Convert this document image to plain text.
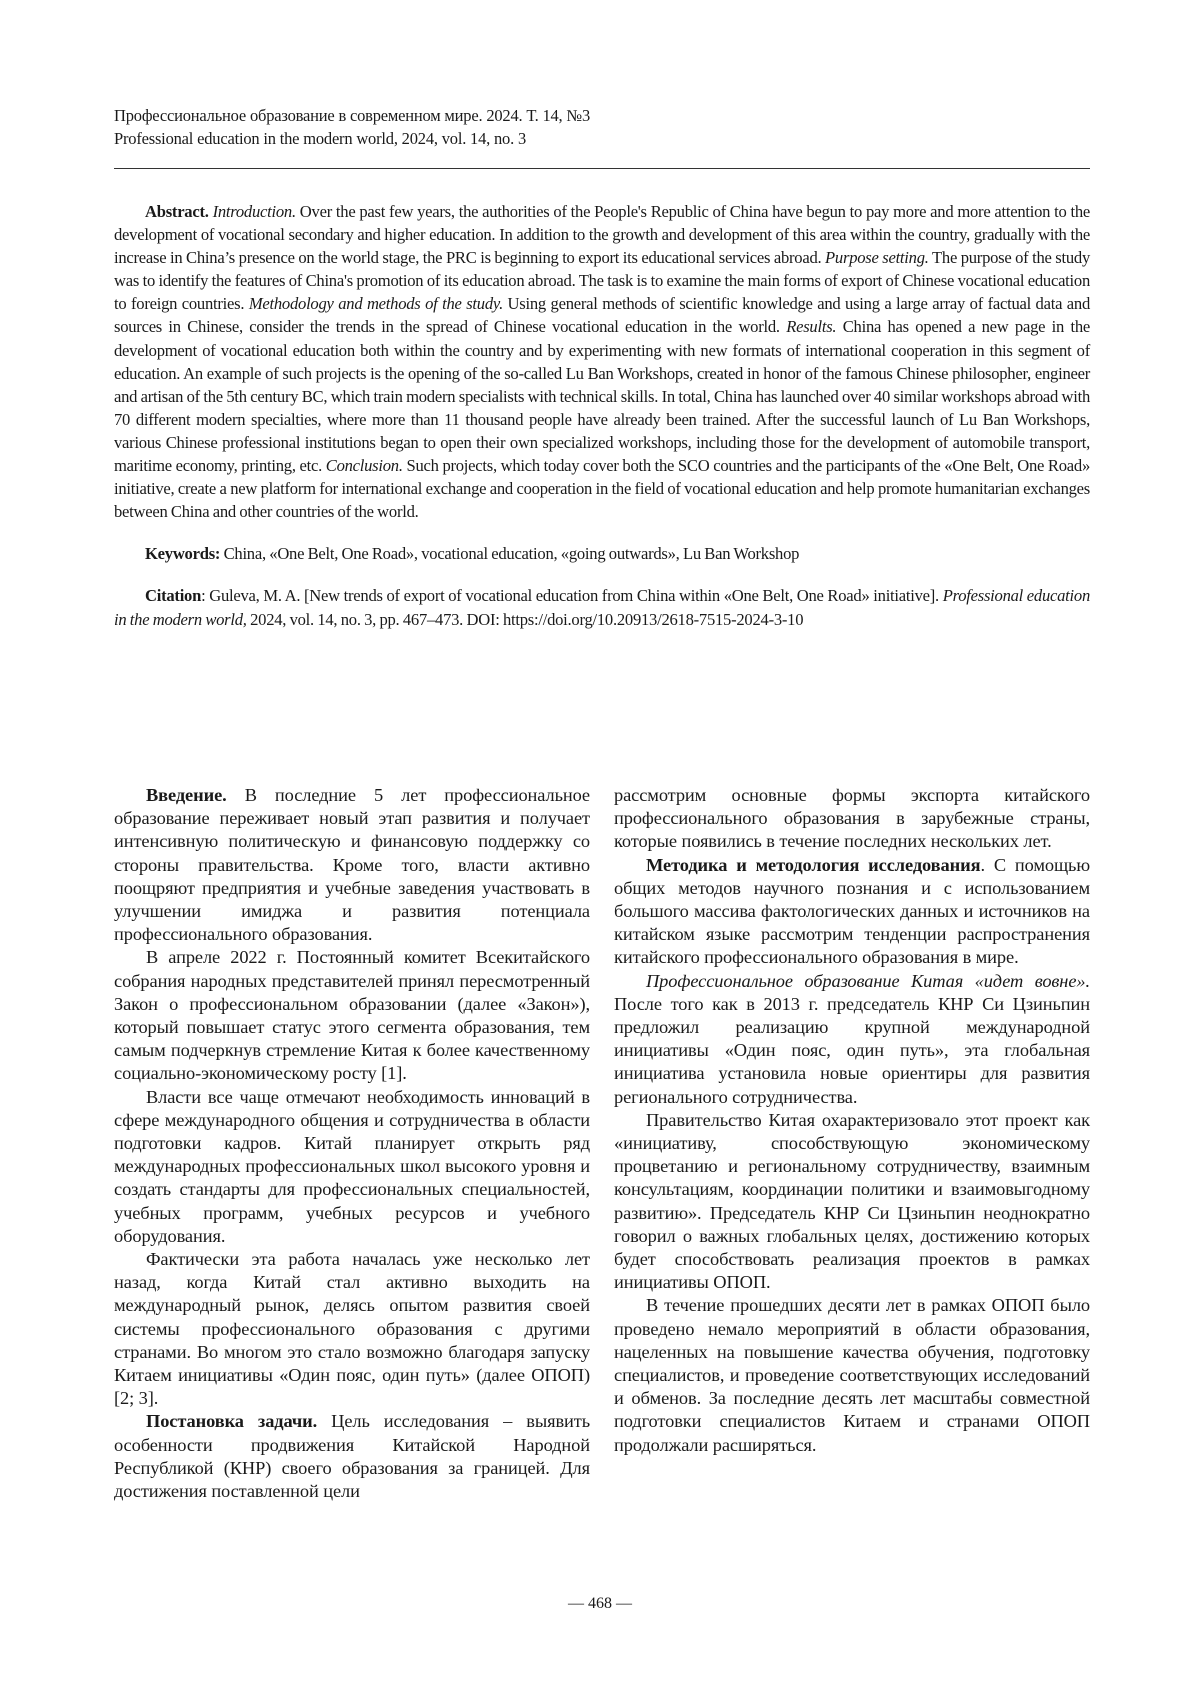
Профессиональное образование в современном мире. 2024. Т. 14, №3
Professional education in the modern world, 2024, vol. 14, no. 3

Abstract. Introduction. Over the past few years, the authorities of the People's Republic of China have begun to pay more and more attention to the development of vocational secondary and higher education. In addition to the growth and development of this area within the country, gradually with the increase in China’s presence on the world stage, the PRC is beginning to export its educational services abroad. Purpose setting. The purpose of the study was to identify the features of China's promotion of its education abroad. The task is to examine the main forms of export of Chinese vocational education to foreign countries. Methodology and methods of the study. Using general methods of scientific knowledge and using a large array of factual data and sources in Chinese, consider the trends in the spread of Chinese vocational education in the world. Results. China has opened a new page in the development of vocational education both within the country and by experimenting with new formats of international cooperation in this segment of education. An example of such projects is the opening of the so-called Lu Ban Workshops, created in honor of the famous Chinese philosopher, engineer and artisan of the 5th century BC, which train modern specialists with technical skills. In total, China has launched over 40 similar workshops abroad with 70 different modern specialties, where more than 11 thousand people have already been trained. After the successful launch of Lu Ban Workshops, various Chinese professional institutions began to open their own specialized workshops, including those for the development of automobile transport, maritime economy, printing, etc. Conclusion. Such projects, which today cover both the SCO countries and the participants of the «One Belt, One Road» initiative, create a new platform for international exchange and cooperation in the field of vocational education and help promote humanitarian exchanges between China and other countries of the world.

Keywords: China, «One Belt, One Road», vocational education, «going outwards», Lu Ban Workshop

Citation: Guleva, M. A. [New trends of export of vocational education from China within «One Belt, One Road» initiative]. Professional education in the modern world, 2024, vol. 14, no. 3, pp. 467–473. DOI: https://doi.org/10.20913/2618-7515-2024-3-10

Введение. В последние 5 лет профессиональное образование переживает новый этап развития и получает интенсивную политическую и финансовую поддержку со стороны правительства. Кроме того, власти активно поощряют предприятия и учебные заведения участвовать в улучшении имиджа и развития потенциала профессионального образования.

В апреле 2022 г. Постоянный комитет Всекитайского собрания народных представителей принял пересмотренный Закон о профессиональном образовании (далее «Закон»), который повышает статус этого сегмента образования, тем самым подчеркнув стремление Китая к более качественному социально-экономическому росту [1].

Власти все чаще отмечают необходимость инноваций в сфере международного общения и сотрудничества в области подготовки кадров. Китай планирует открыть ряд международных профессиональных школ высокого уровня и создать стандарты для профессиональных специальностей, учебных программ, учебных ресурсов и учебного оборудования.

Фактически эта работа началась уже несколько лет назад, когда Китай стал активно выходить на международный рынок, делясь опытом развития своей системы профессионального образования с другими странами. Во многом это стало возможно благодаря запуску Китаем инициативы «Один пояс, один путь» (далее ОПОП) [2; 3].

Постановка задачи. Цель исследования – выявить особенности продвижения Китайской Народной Республикой (КНР) своего образования за границей. Для достижения поставленной цели

рассмотрим основные формы экспорта китайского профессионального образования в зарубежные страны, которые появились в течение последних нескольких лет.

Методика и методология исследования. С помощью общих методов научного познания и с использованием большого массива фактологических данных и источников на китайском языке рассмотрим тенденции распространения китайского профессионального образования в мире.

Профессиональное образование Китая «идет вовне». После того как в 2013 г. председатель КНР Си Цзиньпин предложил реализацию крупной международной инициативы «Один пояс, один путь», эта глобальная инициатива установила новые ориентиры для развития регионального сотрудничества.

Правительство Китая охарактеризовало этот проект как «инициативу, способствующую экономическому процветанию и региональному сотрудничеству, взаимным консультациям, координации политики и взаимовыгодному развитию». Председатель КНР Си Цзиньпин неоднократно говорил о важных глобальных целях, достижению которых будет способствовать реализация проектов в рамках инициативы ОПОП.

В течение прошедших десяти лет в рамках ОПОП было проведено немало мероприятий в области образования, нацеленных на повышение качества обучения, подготовку специалистов, и проведение соответствующих исследований и обменов. За последние десять лет масштабы совместной подготовки специалистов Китаем и странами ОПОП продолжали расширяться.

— 468 —
